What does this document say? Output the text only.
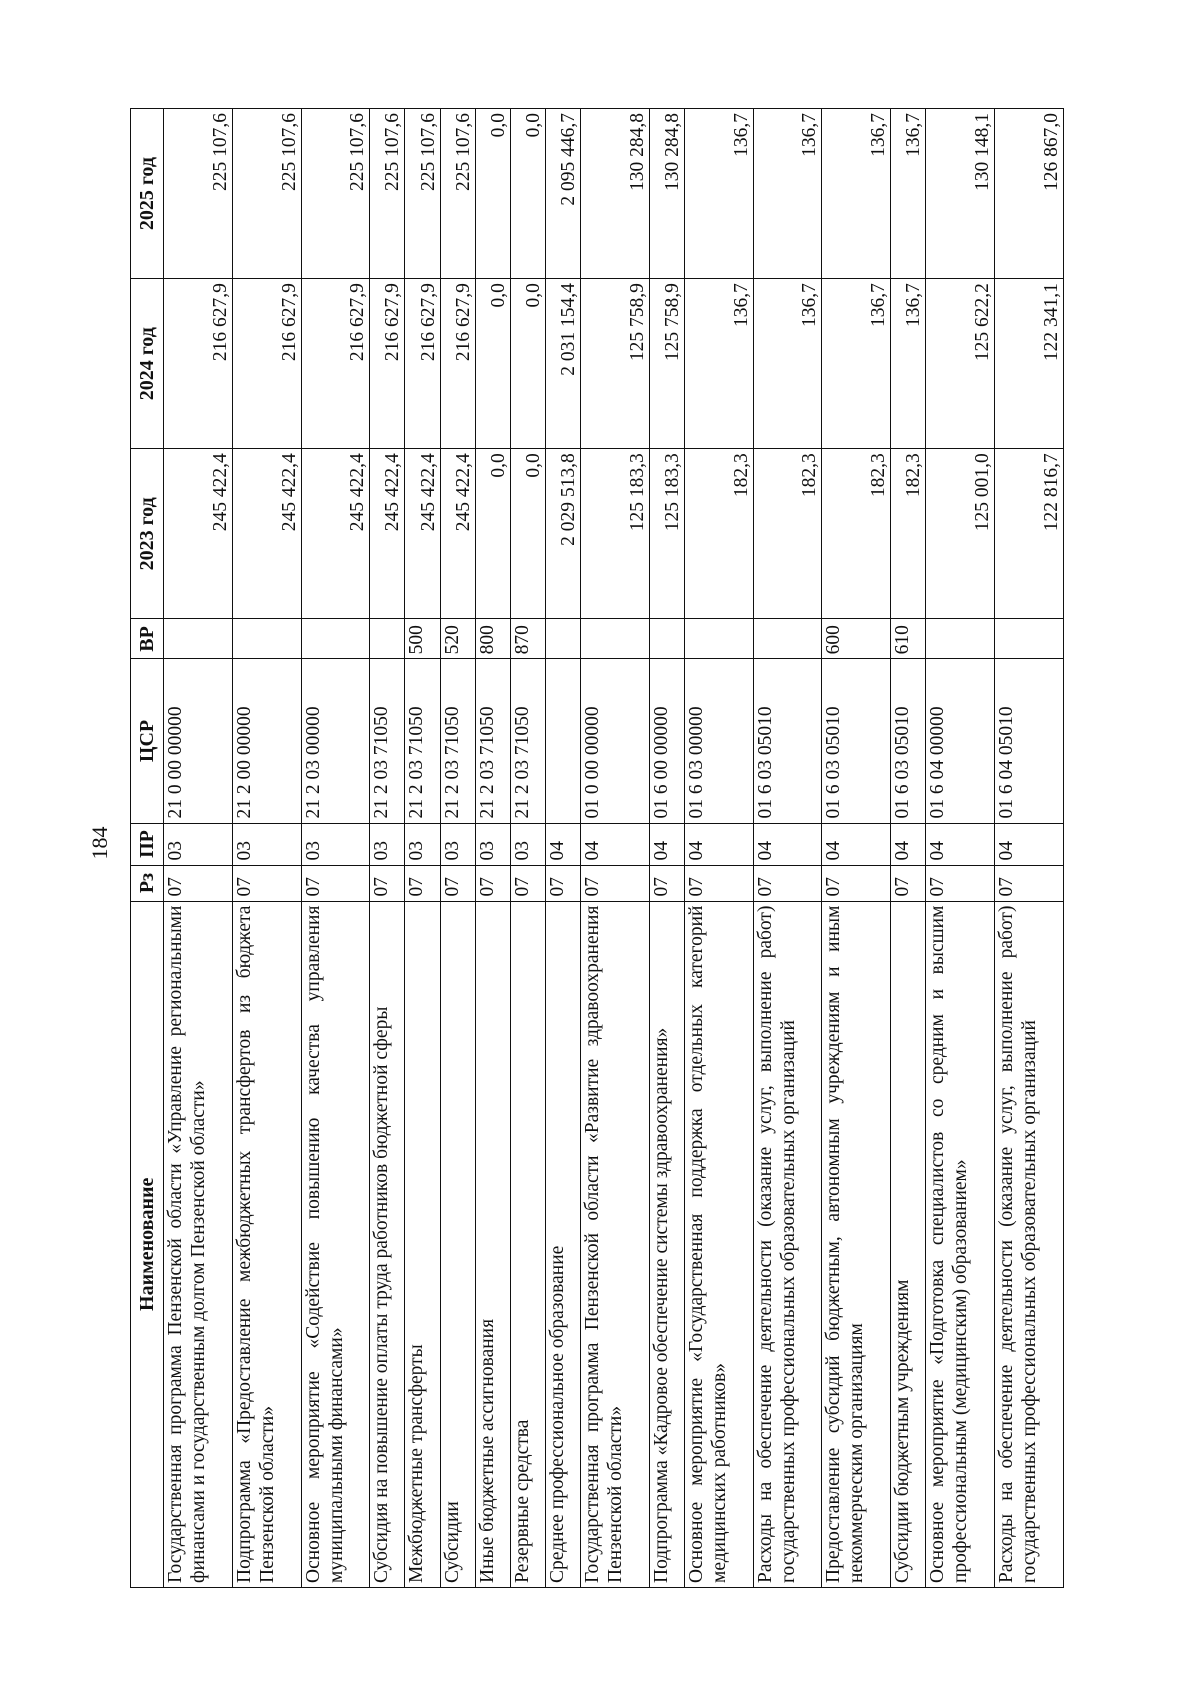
184
Наименование	Рз	ПР	ЦСР	ВР	2023 год	2024 год	2025 год
Государственная программа Пензенской области «Управление региональными финансами и государственным долгом Пензенской области»	07	03	21 0 00 00000		245 422,4	216 627,9	225 107,6
Подпрограмма «Предоставление межбюджетных трансфертов из бюджета Пензенской области»	07	03	21 2 00 00000		245 422,4	216 627,9	225 107,6
Основное мероприятие «Содействие повышению качества управления муниципальными финансами»	07	03	21 2 03 00000		245 422,4	216 627,9	225 107,6
Субсидия на повышение оплаты труда работников бюджетной сферы	07	03	21 2 03 71050		245 422,4	216 627,9	225 107,6
Межбюджетные трансферты	07	03	21 2 03 71050	500	245 422,4	216 627,9	225 107,6
Субсидии	07	03	21 2 03 71050	520	245 422,4	216 627,9	225 107,6
Иные бюджетные ассигнования	07	03	21 2 03 71050	800	0,0	0,0	0,0
Резервные средства	07	03	21 2 03 71050	870	0,0	0,0	0,0
Среднее профессиональное образование	07	04			2 029 513,8	2 031 154,4	2 095 446,7
Государственная программа Пензенской области «Развитие здравоохранения Пензенской области»	07	04	01 0 00 00000		125 183,3	125 758,9	130 284,8
Подпрограмма «Кадровое обеспечение системы здравоохранения»	07	04	01 6 00 00000		125 183,3	125 758,9	130 284,8
Основное мероприятие «Государственная поддержка отдельных категорий медицинских работников»	07	04	01 6 03 00000		182,3	136,7	136,7
Расходы на обеспечение деятельности (оказание услуг, выполнение работ) государственных профессиональных образовательных организаций	07	04	01 6 03 05010		182,3	136,7	136,7
Предоставление субсидий бюджетным, автономным учреждениям и иным некоммерческим организациям	07	04	01 6 03 05010	600	182,3	136,7	136,7
Субсидии бюджетным учреждениям	07	04	01 6 03 05010	610	182,3	136,7	136,7
Основное мероприятие «Подготовка специалистов со средним и высшим профессиональным (медицинским) образованием»	07	04	01 6 04 00000		125 001,0	125 622,2	130 148,1
Расходы на обеспечение деятельности (оказание услуг, выполнение работ) государственных профессиональных образовательных организаций	07	04	01 6 04 05010		122 816,7	122 341,1	126 867,0
